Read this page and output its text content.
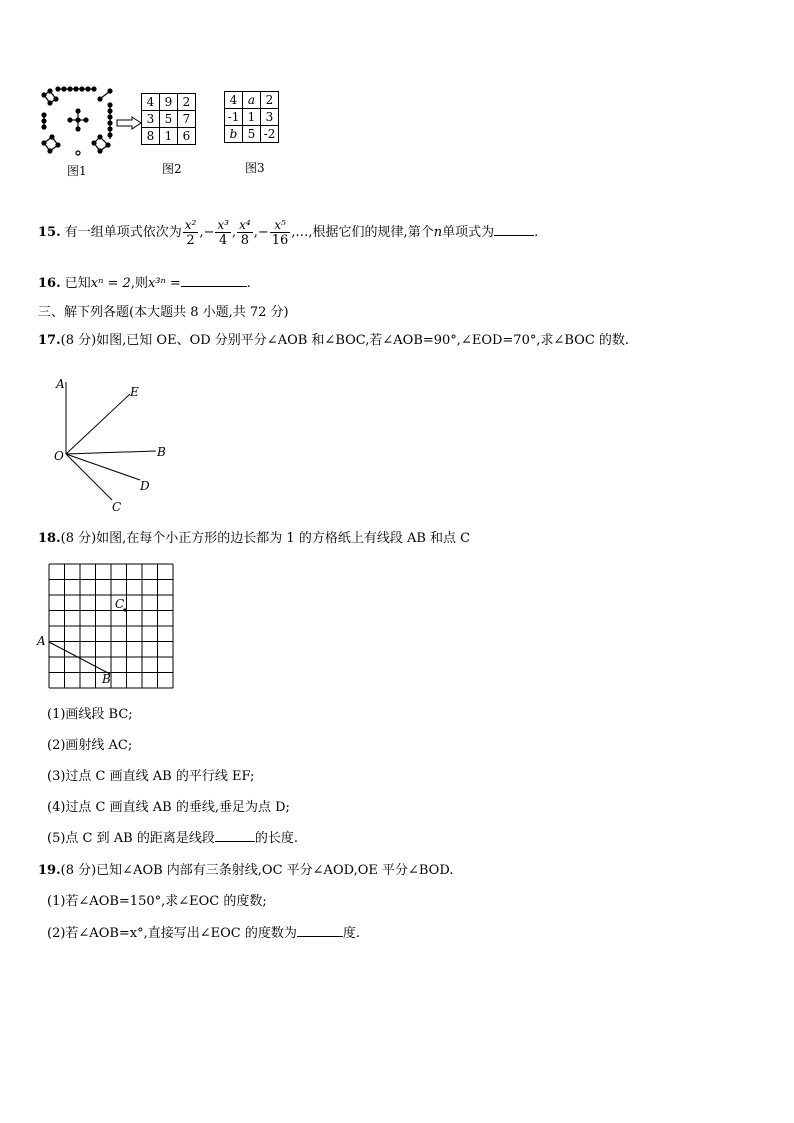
图1
4	9	2
3	5	7
8	1	6
图2
4	a	2
-1	1	3
b	5	-2
图3
15. 有一组单项式依次为 $\frac{\text{x²}}{2}$ ,− $\frac{\text{x³}}{4}$ , $\frac{\text{x⁴}}{8}$ ,− $\frac{\text{x⁵}}{16}$ ,…,根据它们的规律,第个n单项式为	.
16. 已知xⁿ = 2,则x³ⁿ =	.
三、解下列各题(本大题共 8 小题,共 72 分)
17.(8 分)如图,已知 OE、OD 分别平分∠AOB 和∠BOC,若∠AOB=90°,∠EOD=70°,求∠BOC 的数.
A
E
O	B
D
C
18.(8 分)如图,在每个小正方形的边长都为 1 的方格纸上有线段 AB 和点 C
A
B
C
(1)画线段 BC;
(2)画射线 AC;
(3)过点 C 画直线 AB 的平行线 EF;
(4)过点 C 画直线 AB 的垂线,垂足为点 D;
(5)点 C 到 AB 的距离是线段	的长度.
19.(8 分)已知∠AOB 内部有三条射线,OC 平分∠AOD,OE 平分∠BOD.
(1)若∠AOB=150°,求∠EOC 的度数;
(2)若∠AOB=x°,直接写出∠EOC 的度数为	度.
